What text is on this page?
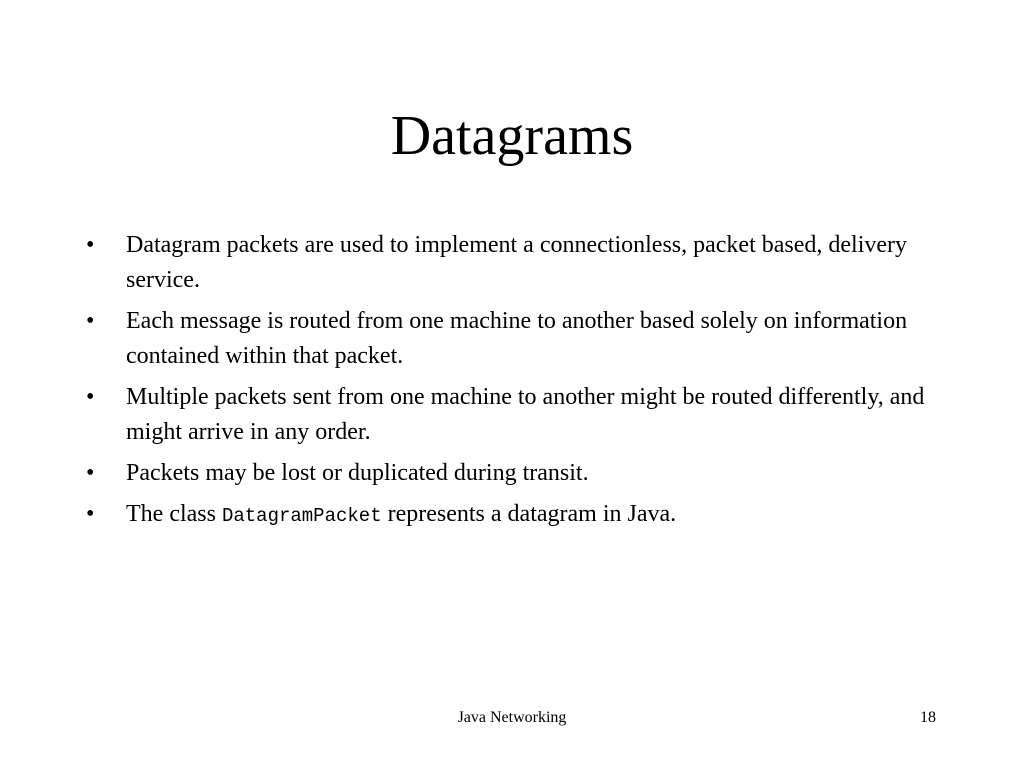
Datagrams
•	Datagram packets are used to implement a connectionless, packet based, delivery service.
•	Each message is routed from one machine to another based solely on information contained within that packet.
•	Multiple packets sent from one machine to another might be routed differently, and might arrive in any order.
•	Packets may be lost or duplicated during transit.
•	The class DatagramPacket represents a datagram in Java.
Java Networking	18
